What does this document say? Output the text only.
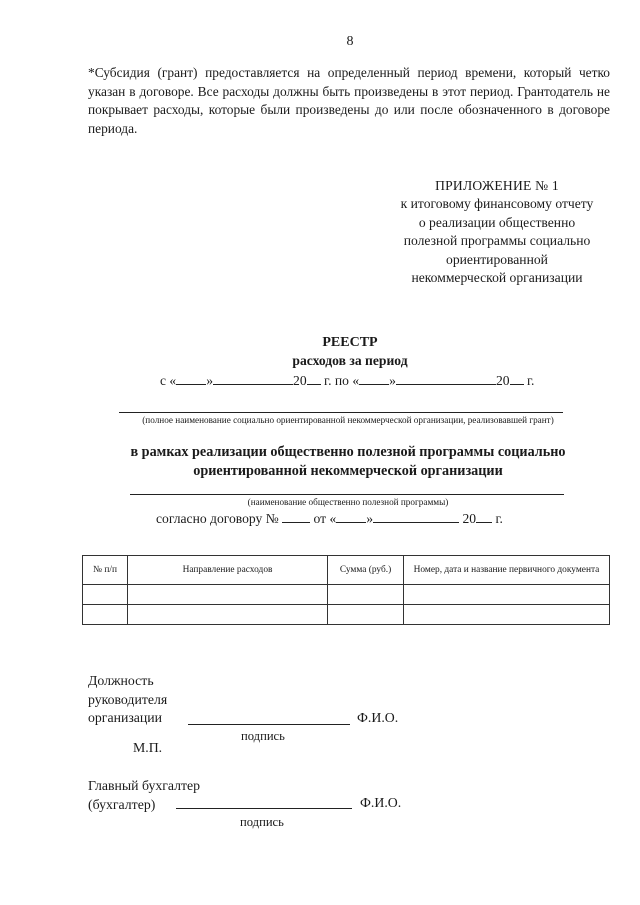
8
*Субсидия (грант) предоставляется на определенный период времени, который четко указан в договоре. Все расходы должны быть произведены в этот период. Грантодатель не покрывает расходы, которые были произведены до или после обозначенного в договоре периода.
ПРИЛОЖЕНИЕ № 1
к итоговому финансовому отчету
о реализации общественно
полезной программы социально
ориентированной
некоммерческой организации
РЕЕСТР
расходов за период
с « »	20 г. по « »	20 г.
(полное наименование социально ориентированной некоммерческой организации, реализовавшей грант)
в рамках реализации общественно полезной программы социально ориентированной некоммерческой организации
(наименование общественно полезной программы)
согласно договору №	от « »	20 г.
№ п/п	Направление расходов	Сумма (руб.)	Номер, дата и название первичного документа

Должность
руководителя
организации	Ф.И.О.
подпись
М.П.
Главный бухгалтер
(бухгалтер)	Ф.И.О.
подпись
